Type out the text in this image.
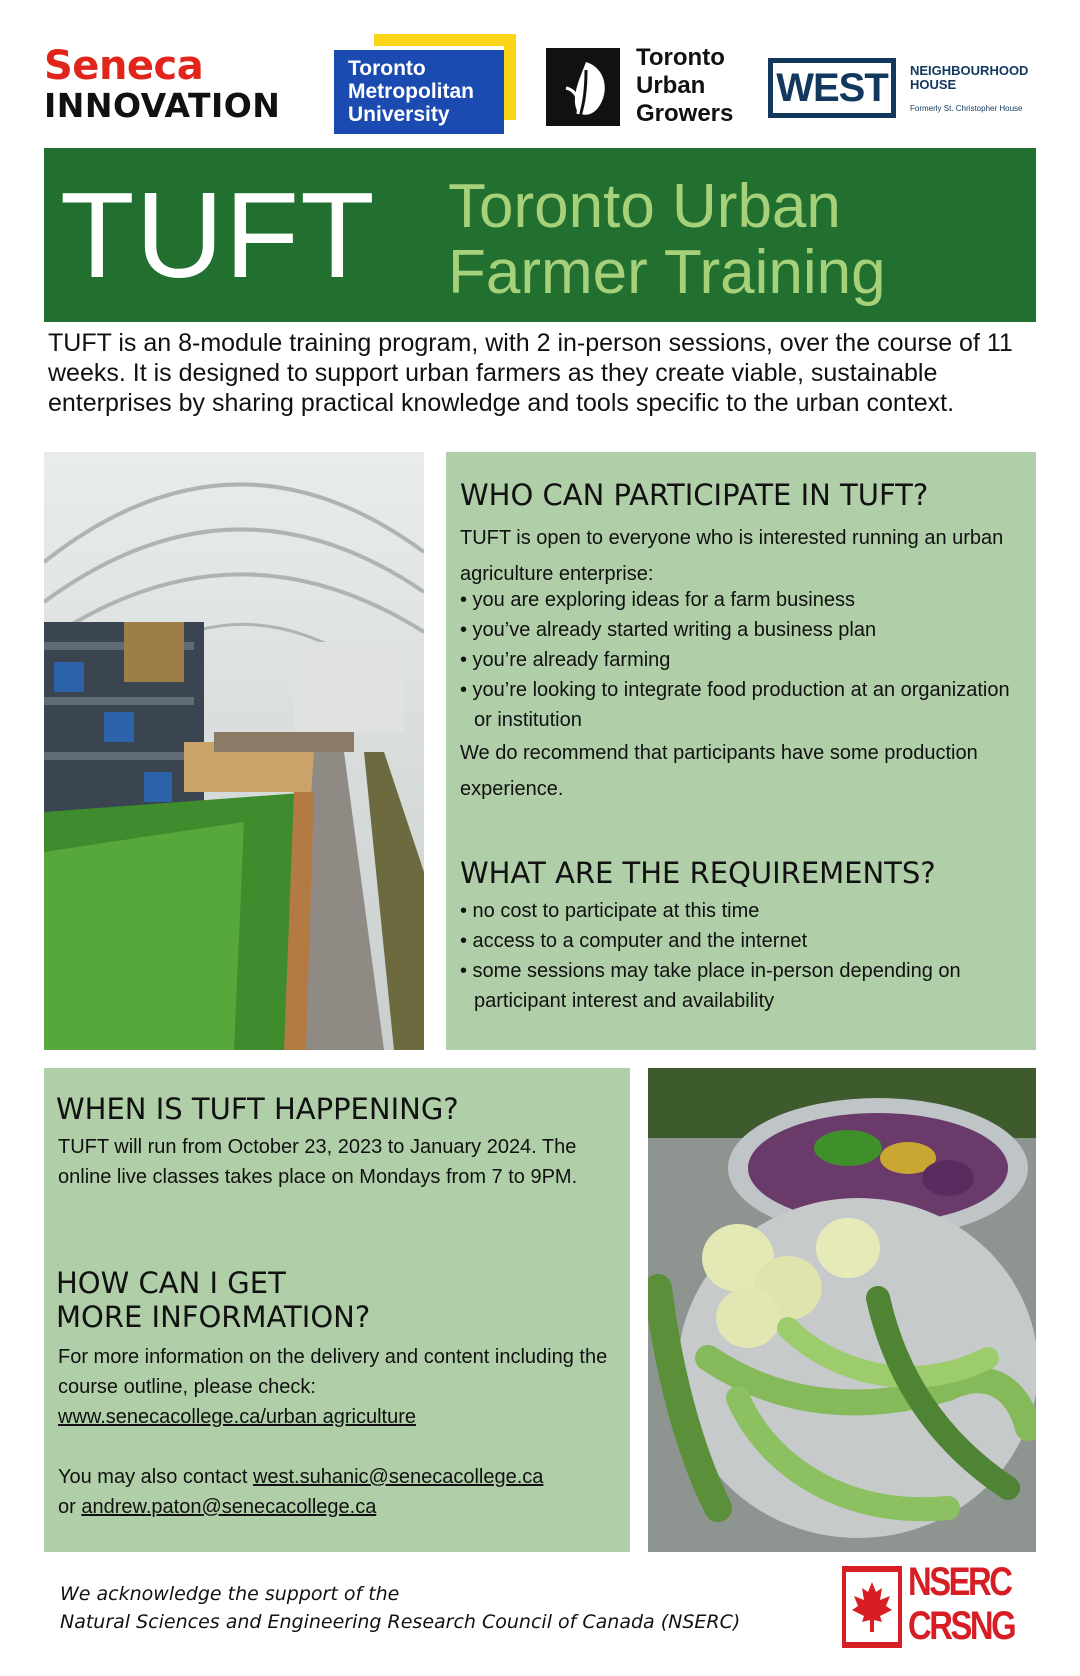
Seneca
INNOVATION
Toronto
Metropolitan
University
Toronto
Urban
Growers
WEST	NEIGHBOURHOOD
HOUSE
Formerly St. Christopher House
TUFT Toronto Urban
Farmer Training
TUFT is an 8-module training program, with 2 in-person sessions, over the course of 11 weeks. It is designed to support urban farmers as they create viable, sustainable enterprises by sharing practical knowledge and tools specific to the urban context.
WHO CAN PARTICIPATE IN TUFT?
TUFT is open to everyone who is interested running an urban agriculture enterprise:
• you are exploring ideas for a farm business
• you’ve already started writing a business plan
• you’re already farming
• you’re looking to integrate food production at an organization or institution
We do recommend that participants have some production experience.
WHAT ARE THE REQUIREMENTS?
• no cost to participate at this time
• access to a computer and the internet
• some sessions may take place in-person depending on participant interest and availability
WHEN IS TUFT HAPPENING?
TUFT will run from October 23, 2023 to January 2024. The online live classes takes place on Mondays from 7 to 9PM.
HOW CAN I GET
MORE INFORMATION?
For more information on the delivery and content including the course outline, please check:
www.senecacollege.ca/urban agriculture
You may also contact west.suhanic@senecacollege.ca
or andrew.paton@senecacollege.ca
We acknowledge the support of the
Natural Sciences and Engineering Research Council of Canada (NSERC)
NSERC
CRSNG
